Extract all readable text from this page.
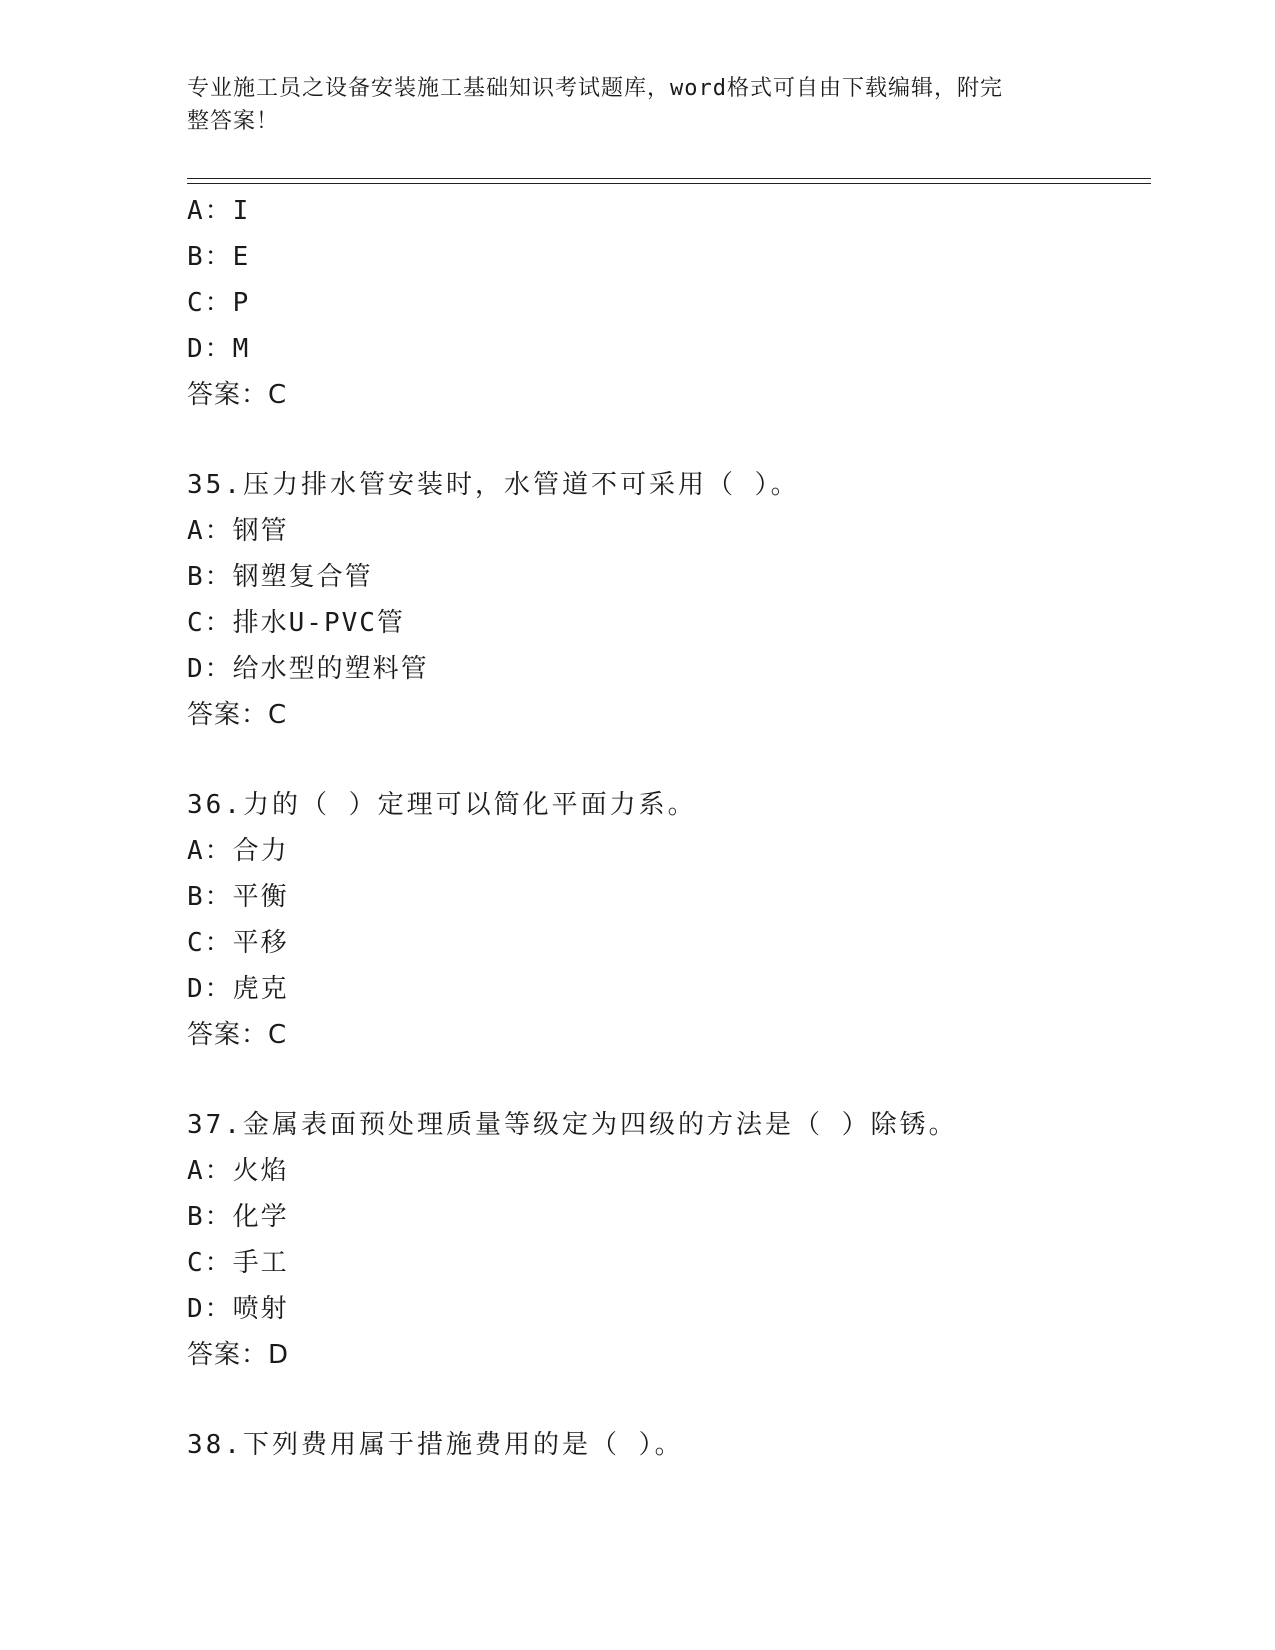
专业施工员之设备安装施工基础知识考试题库，word格式可自由下载编辑，附完
整答案！
A：I
B：E
C：P
D：M
答案：C
35.压力排水管安装时，水管道不可采用（ ）。
A：钢管
B：钢塑复合管
C：排水U-PVC管
D：给水型的塑料管
答案：C
36.力的（ ）定理可以简化平面力系。
A：合力
B：平衡
C：平移
D：虎克
答案：C
37.金属表面预处理质量等级定为四级的方法是（ ）除锈。
A：火焰
B：化学
C：手工
D：喷射
答案：D
38.下列费用属于措施费用的是（ ）。
